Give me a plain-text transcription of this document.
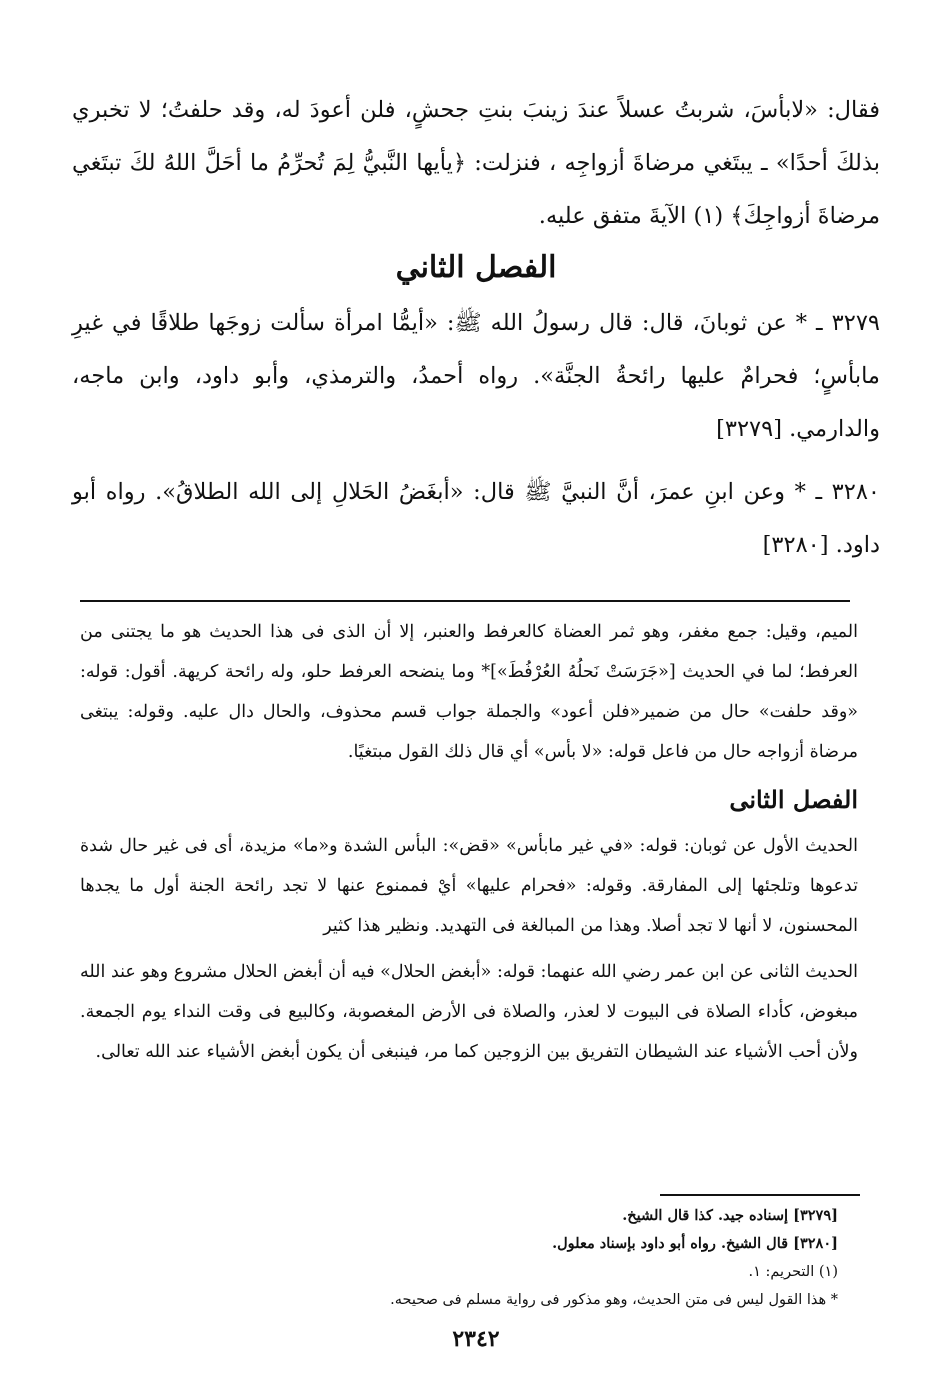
فقال: «لابأسَ، شربتُ عسلاً عندَ زينبَ بنتِ جحشٍ، فلن أعودَ له، وقد حلفتُ؛ لا تخبري بذلكَ أحدًا» ـ يبتَغي مرضاةَ أزواجِه ، فنزلت: ﴿يأيها النَّبيُّ لِمَ تُحرِّمُ ما أحَلَّ اللهُ لكَ تبتَغي مرضاةَ أزواجِكَ﴾ (١) الآيةَ متفق عليه.

الفصل الثاني

٣٢٧٩ ـ * عن ثوبانَ، قال: قال رسولُ الله ﷺ: «أيمُّا امرأة سألت زوجَها طلاقًا في غيرِ مابأسٍ؛ فحرامٌ عليها رائحةُ الجنَّة». رواه أحمدُ، والترمذي، وأبو داود، وابن ماجه، والدارمي. [٣٢٧٩]

٣٢٨٠ ـ * وعن ابنِ عمرَ، أنَّ النبيَّ ﷺ قال: «أبغَضُ الحَلالِ إلى الله الطلاقُ». رواه أبو داود. [٣٢٨٠]

الميم، وقيل: جمع مغفر، وهو ثمر العضاة كالعرفط والعنبر، إلا أن الذى فى هذا الحديث هو ما يجتنى من العرفط؛ لما في الحديث [«جَرَسَتْ نَحلُهُ العُرْفُطَ»]* وما ينضحه العرفط حلو، وله رائحة كريهة. أقول: قوله: «وقد حلفت» حال من ضمير«فلن أعود» والجملة جواب قسم محذوف، والحال دال عليه. وقوله: يبتغى مرضاة أزواجه حال من فاعل قوله: «لا بأس» أي قال ذلك القول مبتغيًا.

الفصل الثانى

الحديث الأول عن ثوبان: قوله: «في غير مابأس» «قض»: البأس الشدة و«ما» مزيدة، أى فى غير حال شدة تدعوها وتلجئها إلى المفارقة. وقوله: «فحرام عليها» أيْ فممنوع عنها لا تجد رائحة الجنة أول ما يجدها المحسنون، لا أنها لا تجد أصلا. وهذا من المبالغة فى التهديد. ونظير هذا كثير

الحديث الثانى عن ابن عمر رضي الله عنهما: قوله: «أبغض الحلال» فيه أن أبغض الحلال مشروع وهو عند الله مبغوض، كأداء الصلاة فى البيوت لا لعذر، والصلاة فى الأرض المغصوبة، وكالبيع فى وقت النداء يوم الجمعة. ولأن أحب الأشياء عند الشيطان التفريق بين الزوجين كما مر، فينبغى أن يكون أبغض الأشياء عند الله تعالى.

[٣٢٧٩] إسناده جيد. كذا قال الشيخ.
[٣٢٨٠] قال الشيخ. رواه أبو داود بإسناد معلول.
(١) التحريم: ١.
* هذا القول ليس فى متن الحديث، وهو مذكور فى رواية مسلم فى صحيحه.
٢٣٤٢
